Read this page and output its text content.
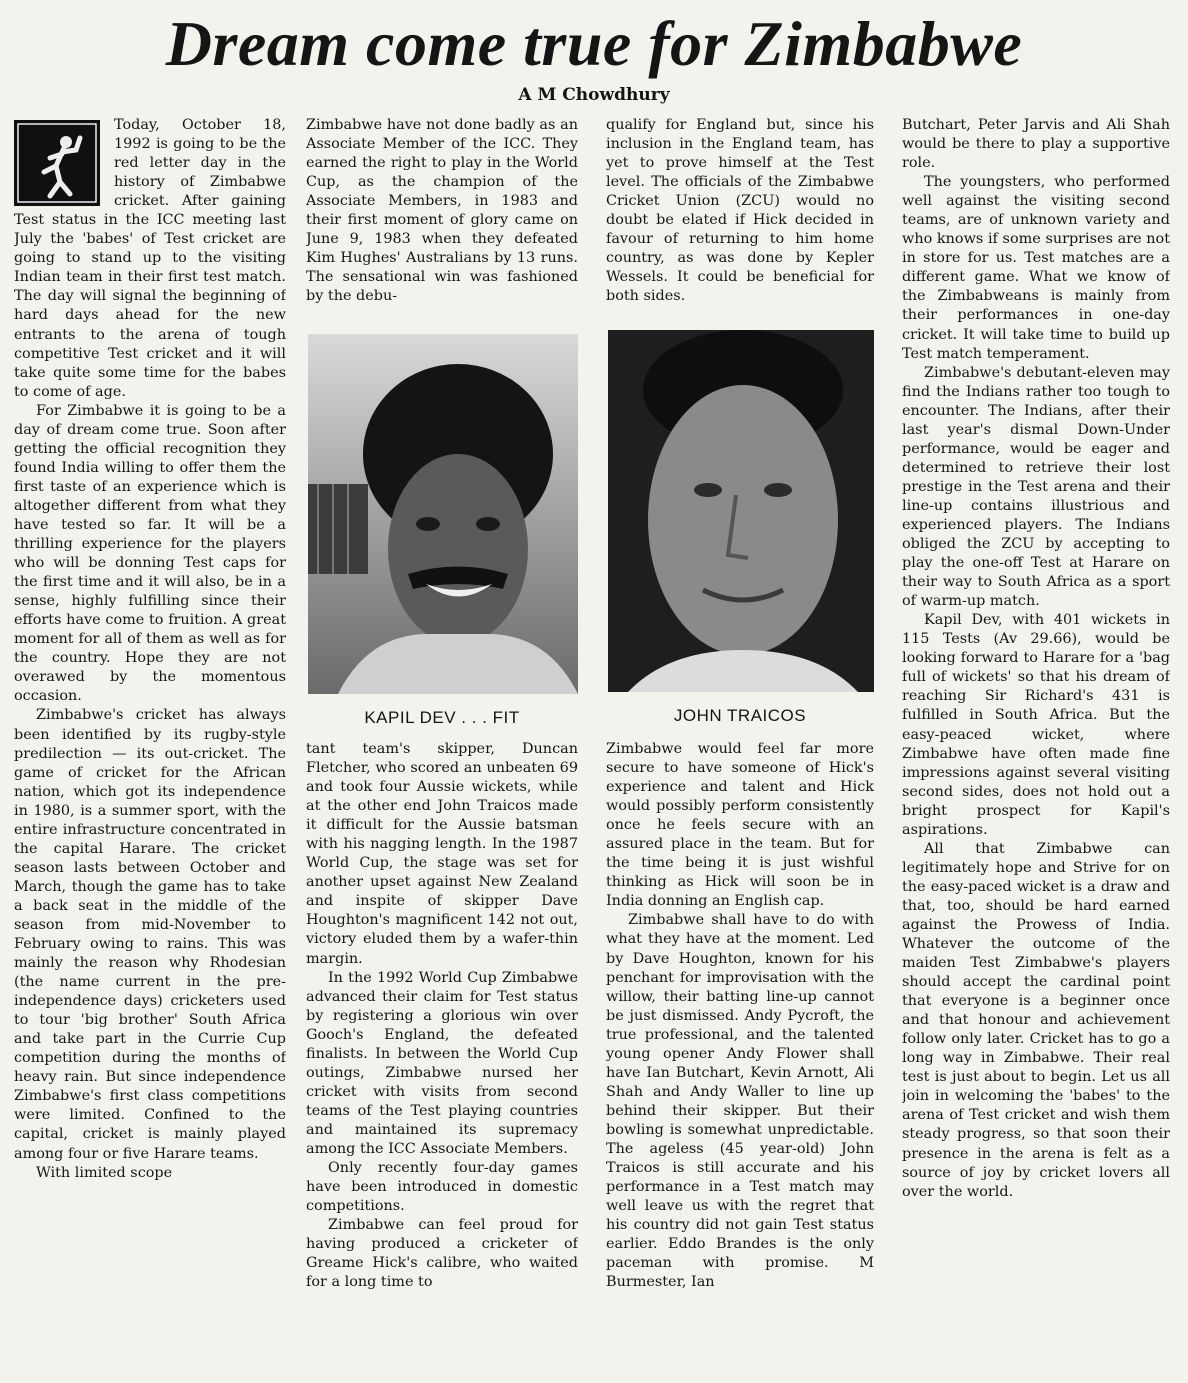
Dream come true for Zimbabwe
A M Chowdhury

Today, October 18, 1992 is going to be the red letter day in the history of Zimbabwe cricket. After gaining Test status in the ICC meeting last July the 'babes' of Test cricket are going to stand up to the visiting Indian team in their first test match. The day will signal the beginning of hard days ahead for the new entrants to the arena of tough competitive Test cricket and it will take quite some time for the babes to come of age.

For Zimbabwe it is going to be a day of dream come true. Soon after getting the official recognition they found India willing to offer them the first taste of an experience which is altogether different from what they have tested so far. It will be a thrilling experience for the players who will be donning Test caps for the first time and it will also, be in a sense, highly fulfilling since their efforts have come to fruition. A great moment for all of them as well as for the country. Hope they are not overawed by the momentous occasion.

Zimbabwe's cricket has always been identified by its rugby-style predilection — its out-cricket. The game of cricket for the African nation, which got its independence in 1980, is a summer sport, with the entire infrastructure concentrated in the capital Harare. The cricket season lasts between October and March, though the game has to take a back seat in the middle of the season from mid-November to February owing to rains. This was mainly the reason why Rhodesian (the name current in the pre-independence days) cricketers used to tour 'big brother' South Africa and take part in the Currie Cup competition during the months of heavy rain. But since independence Zimbabwe's first class competitions were limited. Confined to the capital, cricket is mainly played among four or five Harare teams.

With limited scope

Zimbabwe have not done badly as an Associate Member of the ICC. They earned the right to play in the World Cup, as the champion of the Associate Members, in 1983 and their first moment of glory came on June 9, 1983 when they defeated Kim Hughes' Australians by 13 runs. The sensational win was fashioned by the debu-

qualify for England but, since his inclusion in the England team, has yet to prove himself at the Test level. The officials of the Zimbabwe Cricket Union (ZCU) would no doubt be elated if Hick decided in favour of returning to him home country, as was done by Kepler Wessels. It could be beneficial for both sides.

KAPIL DEV . . . FIT	JOHN TRAICOS

tant team's skipper, Duncan Fletcher, who scored an unbeaten 69 and took four Aussie wickets, while at the other end John Traicos made it difficult for the Aussie batsman with his nagging length. In the 1987 World Cup, the stage was set for another upset against New Zealand and inspite of skipper Dave Houghton's magnificent 142 not out, victory eluded them by a wafer-thin margin.

In the 1992 World Cup Zimbabwe advanced their claim for Test status by registering a glorious win over Gooch's England, the defeated finalists. In between the World Cup outings, Zimbabwe nursed her cricket with visits from second teams of the Test playing countries and maintained its supremacy among the ICC Associate Members.

Only recently four-day games have been introduced in domestic competitions.

Zimbabwe can feel proud for having produced a cricketer of Greame Hick's calibre, who waited for a long time to

Zimbabwe would feel far more secure to have someone of Hick's experience and talent and Hick would possibly perform consistently once he feels secure with an assured place in the team. But for the time being it is just wishful thinking as Hick will soon be in India donning an English cap.

Zimbabwe shall have to do with what they have at the moment. Led by Dave Houghton, known for his penchant for improvisation with the willow, their batting line-up cannot be just dismissed. Andy Pycroft, the true professional, and the talented young opener Andy Flower shall have Ian Butchart, Kevin Arnott, Ali Shah and Andy Waller to line up behind their skipper. But their bowling is somewhat unpredictable. The ageless (45 year-old) John Traicos is still accurate and his performance in a Test match may well leave us with the regret that his country did not gain Test status earlier. Eddo Brandes is the only paceman with promise. M Burmester, Ian

Butchart, Peter Jarvis and Ali Shah would be there to play a supportive role.

The youngsters, who performed well against the visiting second teams, are of unknown variety and who knows if some surprises are not in store for us. Test matches are a different game. What we know of the Zimbabweans is mainly from their performances in one-day cricket. It will take time to build up Test match temperament.

Zimbabwe's debutant-eleven may find the Indians rather too tough to encounter. The Indians, after their last year's dismal Down-Under performance, would be eager and determined to retrieve their lost prestige in the Test arena and their line-up contains illustrious and experienced players. The Indians obliged the ZCU by accepting to play the one-off Test at Harare on their way to South Africa as a sport of warm-up match.

Kapil Dev, with 401 wickets in 115 Tests (Av 29.66), would be looking forward to Harare for a 'bag full of wickets' so that his dream of reaching Sir Richard's 431 is fulfilled in South Africa. But the easy-peaced wicket, where Zimbabwe have often made fine impressions against several visiting second sides, does not hold out a bright prospect for Kapil's aspirations.

All that Zimbabwe can legitimately hope and Strive for on the easy-paced wicket is a draw and that, too, should be hard earned against the Prowess of India. Whatever the outcome of the maiden Test Zimbabwe's players should accept the cardinal point that everyone is a beginner once and that honour and achievement follow only later. Cricket has to go a long way in Zimbabwe. Their real test is just about to begin. Let us all join in welcoming the 'babes' to the arena of Test cricket and wish them steady progress, so that soon their presence in the arena is felt as a source of joy by cricket lovers all over the world.
